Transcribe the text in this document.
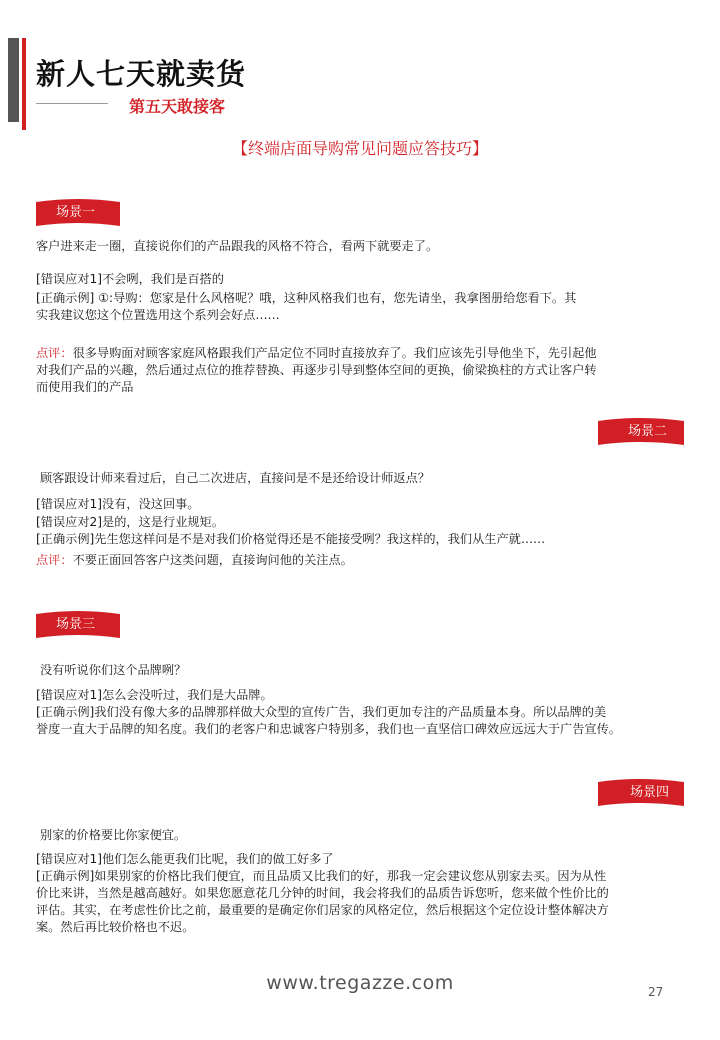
新人七天就卖货
第五天敢接客
【终端店面导购常见问题应答技巧】
场景一
客户进来走一圈，直接说你们的产品跟我的风格不符合，看两下就要走了。
[错误应对1]不会咧，我们是百搭的
[正确示例] ①:导购：您家是什么风格呢？哦，这种风格我们也有，您先请坐，我拿图册给您看下。其
实我建议您这个位置选用这个系列会好点……
点评：很多导购面对顾客家庭风格跟我们产品定位不同时直接放弃了。我们应该先引导他坐下，先引起他
对我们产品的兴趣，然后通过点位的推荐替换、再逐步引导到整体空间的更换，偷梁换柱的方式让客户转
而使用我们的产品
场景二
顾客跟设计师来看过后，自己二次进店，直接问是不是还给设计师返点？
[错误应对1]没有，没这回事。
[错误应对2]是的，这是行业规矩。
[正确示例]先生您这样问是不是对我们价格觉得还是不能接受咧？我这样的，我们从生产就……
点评：不要正面回答客户这类问题，直接询问他的关注点。
场景三
没有听说你们这个品牌咧？
[错误应对1]怎么会没听过，我们是大品牌。
[正确示例]我们没有像大多的品牌那样做大众型的宣传广告，我们更加专注的产品质量本身。所以品牌的美
誉度一直大于品牌的知名度。我们的老客户和忠诚客户特别多，我们也一直坚信口碑效应远远大于广告宣传。
场景四
别家的价格要比你家便宜。
[错误应对1]他们怎么能更我们比呢，我们的做工好多了
[正确示例]如果别家的价格比我们便宜，而且品质又比我们的好，那我一定会建议您从别家去买。因为从性
价比来讲，当然是越高越好。如果您愿意花几分钟的时间，我会将我们的品质告诉您听，您来做个性价比的
评估。其实，在考虑性价比之前，最重要的是确定你们居家的风格定位，然后根据这个定位设计整体解决方
案。然后再比较价格也不迟。
www.tregazze.com	27
